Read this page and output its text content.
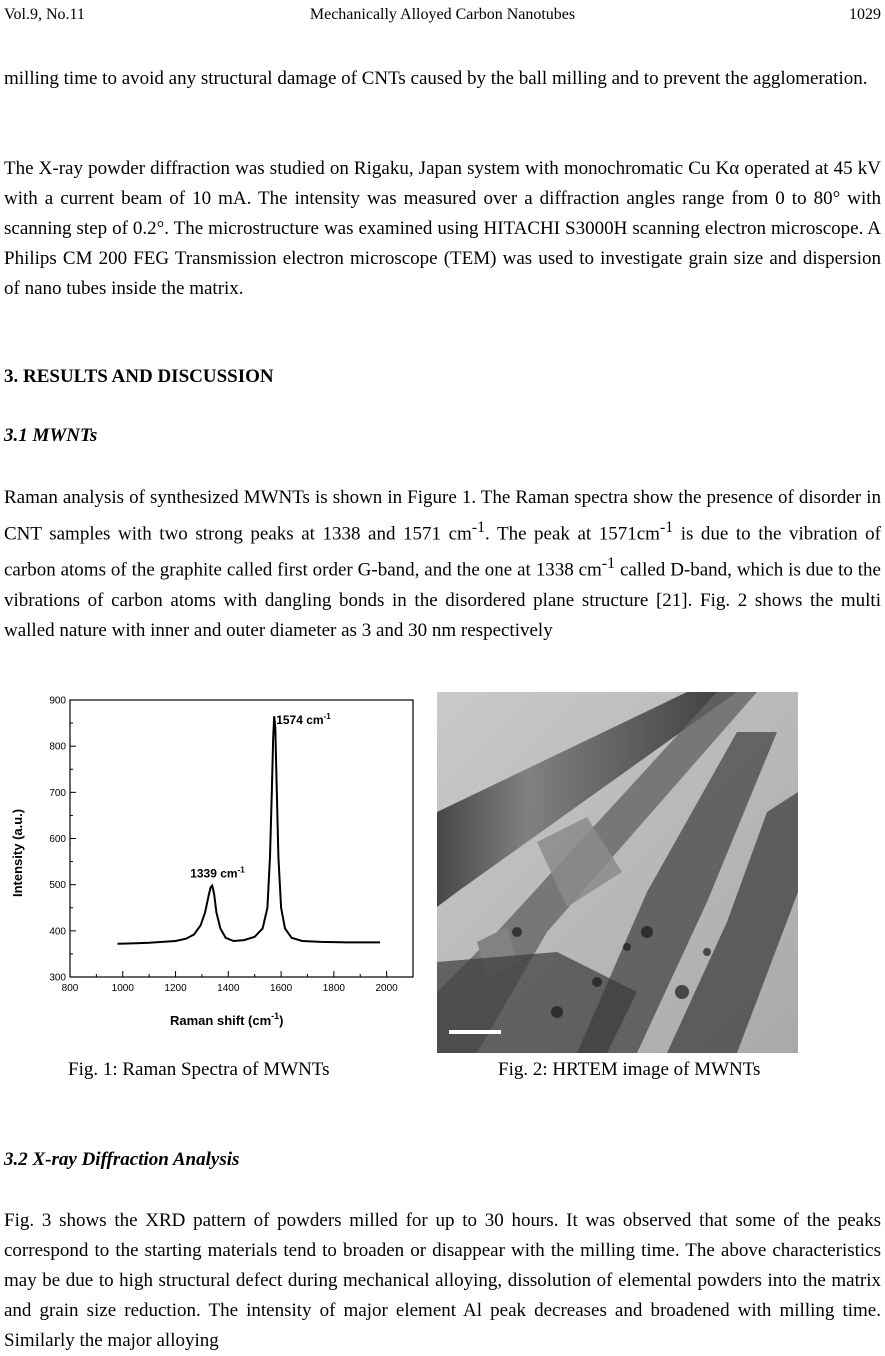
Vol.9, No.11	Mechanically Alloyed Carbon Nanotubes	1029

milling time to avoid any structural damage of CNTs caused by the ball milling and to prevent the agglomeration.

The X-ray powder diffraction was studied on Rigaku, Japan system with monochromatic Cu Kα operated at 45 kV with a current beam of 10 mA. The intensity was measured over a diffraction angles range from 0 to 80° with scanning step of 0.2°. The microstructure was examined using HITACHI S3000H scanning electron microscope. A Philips CM 200 FEG Transmission electron microscope (TEM) was used to investigate grain size and dispersion of nano tubes inside the matrix.

3. RESULTS AND DISCUSSION
3.1 MWNTs

Raman analysis of synthesized MWNTs is shown in Figure 1. The Raman spectra show the presence of disorder in CNT samples with two strong peaks at 1338 and 1571 $cm^{-1}$. The peak at $1571cm^{-1}$ is due to the vibration of carbon atoms of the graphite called first order G-band, and the one at 1338 $cm^{-1}$ called D-band, which is due to the vibrations of carbon atoms with dangling bonds in the disordered plane structure [21]. Fig. 2 shows the multi walled nature with inner and outer diameter as 3 and 30 nm respectively

800	1000	1200	1400	1600	1800	2000
300
400
500
600
700
800
900
1339 $cm^{-1}$
1574 $cm^{-1}$
Raman shift $(cm^{-1})$
Intensity (a.u.)
Fig. 1: Raman Spectra of MWNTs	Fig. 2: HRTEM image of MWNTs
3.2 X-ray Diffraction Analysis

Fig. 3 shows the XRD pattern of powders milled for up to 30 hours. It was observed that some of the peaks correspond to the starting materials tend to broaden or disappear with the milling time. The above characteristics may be due to high structural defect during mechanical alloying, dissolution of elemental powders into the matrix and grain size reduction. The intensity of major element Al peak decreases and broadened with milling time. Similarly the major alloying
